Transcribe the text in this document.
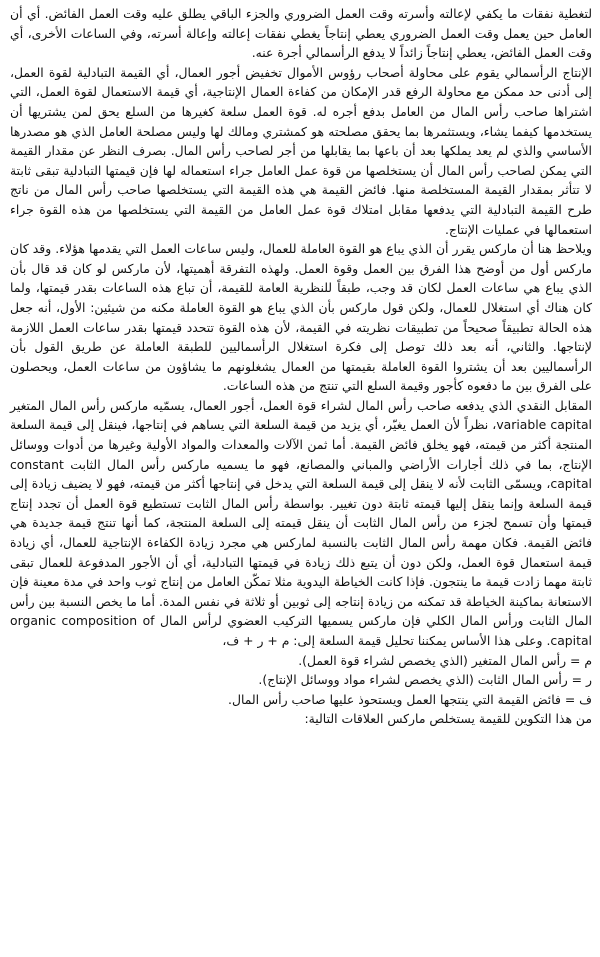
لتغطية نفقات ما يكفي لإعالته وأسرته وقت العمل الضروري والجزء الباقي يطلق عليه وقت العمل الفائض. أي أن العامل حين يعمل وقت العمل الضروري يعطي إنتاجاً يغطي نفقات إعالته وإعالة أسرته، وفي الساعات الأخرى، أي وقت العمل الفائض، يعطي إنتاجاً زائداً لا يدفع الرأسمالي أجرة عنه.

الإنتاج الرأسمالي يقوم على محاولة أصحاب رؤوس الأموال تخفيض أجور العمال، أي القيمة التبادلية لقوة العمل، إلى أدنى حد ممكن مع محاولة الرفع قدر الإمكان من كفاءة العمال الإنتاجية، أي قيمة الاستعمال لقوة العمل، التي اشتراها صاحب رأس المال من العامل بدفع أجره له. قوة العمل سلعة كغيرها من السلع يحق لمن يشتريها أن يستخدمها كيفما يشاء، ويستثمرها بما يحقق مصلحته هو كمشتري ومالك لها وليس مصلحة العامل الذي هو مصدرها الأساسي والذي لم يعد يملكها بعد أن باعها بما يقابلها من أجر لصاحب رأس المال. بصرف النظر عن مقدار القيمة التي يمكن لصاحب رأس المال أن يستخلصها من قوة عمل العامل جراء استعماله لها فإن قيمتها التبادلية تبقى ثابتة لا تتأثر بمقدار القيمة المستخلصة منها. فائض القيمة هي هذه القيمة التي يستخلصها صاحب رأس المال من ناتج طرح القيمة التبادلية التي يدفعها مقابل امتلاك قوة عمل العامل من القيمة التي يستخلصها من هذه القوة جراء استعمالها في عمليات الإنتاج.

ويلاحظ هنا أن ماركس يقرر أن الذي يباع هو القوة العاملة للعمال، وليس ساعات العمل التي يقدمها هؤلاء. وقد كان ماركس أول من أوضح هذا الفرق بين العمل وقوة العمل. ولهذه التفرقة أهميتها، لأن ماركس لو كان قد قال بأن الذي يباع هي ساعات العمل لكان قد وجب، طبقاً للنظرية العامة للقيمة، أن تباع هذه الساعات بقدر قيمتها، ولما كان هناك أي استغلال للعمال، ولكن قول ماركس بأن الذي يباع هو القوة العاملة مكنه من شيئين: الأول، أنه جعل هذه الحالة تطبيقاً صحيحاً من تطبيقات نظريته في القيمة، لأن هذه القوة تتحدد قيمتها بقدر ساعات العمل اللازمة لإنتاجها. والثاني، أنه بعد ذلك توصل إلى فكرة استغلال الرأسماليين للطبقة العاملة عن طريق القول بأن الرأسماليين بعد أن يشتروا القوة العاملة بقيمتها من العمال يشغلونهم ما يشاؤون من ساعات العمل، ويحصلون على الفرق بين ما دفعوه كأجور وقيمة السلع التي تنتج من هذه الساعات.

المقابل النقدي الذي يدفعه صاحب رأس المال لشراء قوة العمل، أجور العمال، يسمّيه ماركس رأس المال المتغير variable capital، نظراً لأن العمل يغيّر، أي يزيد من قيمة السلعة التي يساهم في إنتاجها، فينقل إلى قيمة السلعة المنتجة أكثر من قيمته، فهو يخلق فائض القيمة. أما ثمن الآلات والمعدات والمواد الأولية وغيرها من أدوات ووسائل الإنتاج، بما في ذلك أجارات الأراضي والمباني والمصانع، فهو ما يسميه ماركس رأس المال الثابت constant capital، ويسمّى الثابت لأنه لا ينقل إلى قيمة السلعة التي يدخل في إنتاجها أكثر من قيمته، فهو لا يضيف زيادة إلى قيمة السلعة وإنما ينقل إليها قيمته ثابتة دون تغيير. بواسطة رأس المال الثابت تستطيع قوة العمل أن تجدد إنتاج قيمتها وأن تسمح لجزء من رأس المال الثابت أن ينقل قيمته إلى السلعة المنتجة، كما أنها تنتج قيمة جديدة هي فائض القيمة. فكان مهمة رأس المال الثابت بالنسبة لماركس هي مجرد زيادة الكفاءة الإنتاجية للعمال، أي زيادة قيمة استعمال قوة العمل، ولكن دون أن يتبع ذلك زيادة في قيمتها التبادلية، أي أن الأجور المدفوعة للعمال تبقى ثابتة مهما زادت قيمة ما ينتجون. فإذا كانت الخياطة اليدوية مثلا تمكّن العامل من إنتاج ثوب واحد في مدة معينة فإن الاستعانة بماكينة الخياطة قد تمكنه من زيادة إنتاجه إلى ثوبين أو ثلاثة في نفس المدة. أما ما يخص النسبة بين رأس المال الثابت ورأس المال الكلي فإن ماركس يسميها التركيب العضوي لرأس المال organic composition of capital. وعلى هذا الأساس يمكننا تحليل قيمة السلعة إلى: م + ر + ف،

م = رأس المال المتغير (الذي يخصص لشراء قوة العمل).

ر = رأس المال الثابت (الذي يخصص لشراء مواد ووسائل الإنتاج).

ف = فائض القيمة التي ينتجها العمل ويستحوذ عليها صاحب رأس المال.

من هذا التكوين للقيمة يستخلص ماركس العلاقات التالية:
